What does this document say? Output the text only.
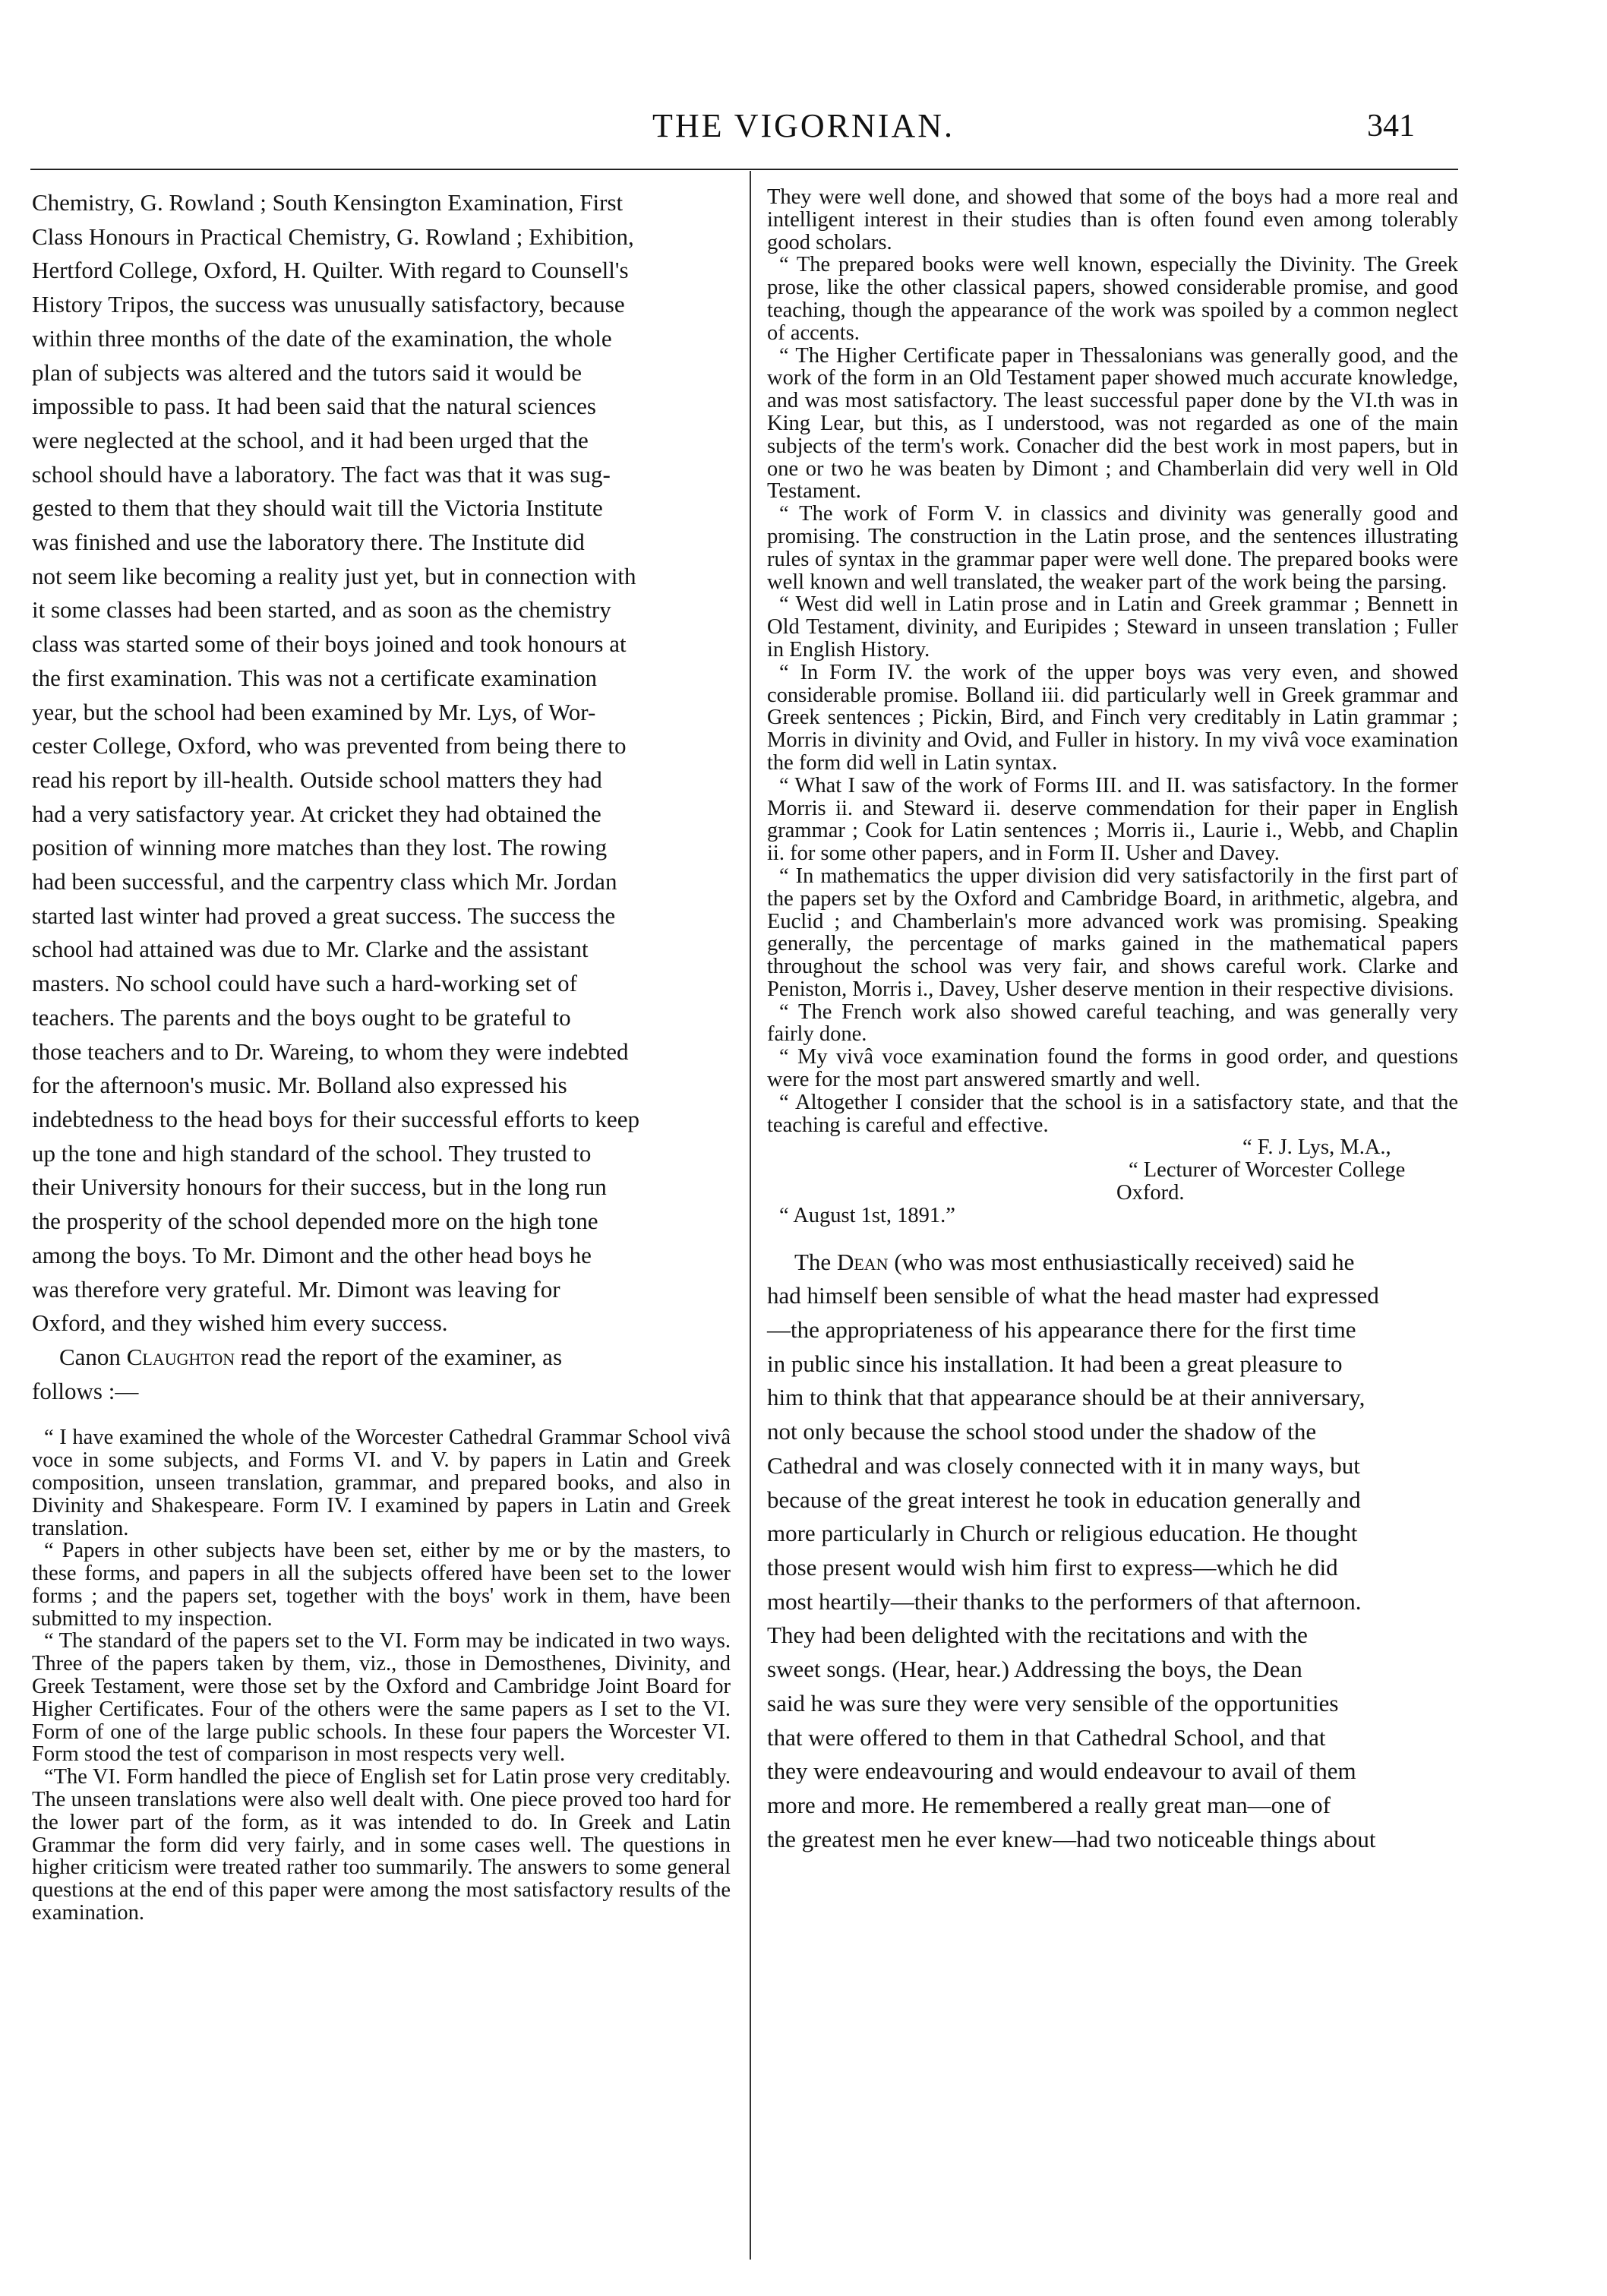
THE VIGORNIAN.	341

Chemistry, G. Rowland ; South Kensington Examination, First

Class Honours in Practical Chemistry, G. Rowland ; Exhibition,

Hertford College, Oxford, H. Quilter. With regard to Counsell's

History Tripos, the success was unusually satisfactory, because

within three months of the date of the examination, the whole

plan of subjects was altered and the tutors said it would be

impossible to pass. It had been said that the natural sciences

were neglected at the school, and it had been urged that the

school should have a laboratory. The fact was that it was sug-

gested to them that they should wait till the Victoria Institute

was finished and use the laboratory there. The Institute did

not seem like becoming a reality just yet, but in connection with

it some classes had been started, and as soon as the chemistry

class was started some of their boys joined and took honours at

the first examination. This was not a certificate examination

year, but the school had been examined by Mr. Lys, of Wor-

cester College, Oxford, who was prevented from being there to

read his report by ill-health. Outside school matters they had

had a very satisfactory year. At cricket they had obtained the

position of winning more matches than they lost. The rowing

had been successful, and the carpentry class which Mr. Jordan

started last winter had proved a great success. The success the

school had attained was due to Mr. Clarke and the assistant

masters. No school could have such a hard-working set of

teachers. The parents and the boys ought to be grateful to

those teachers and to Dr. Wareing, to whom they were indebted

for the afternoon's music. Mr. Bolland also expressed his

indebtedness to the head boys for their successful efforts to keep

up the tone and high standard of the school. They trusted to

their University honours for their success, but in the long run

the prosperity of the school depended more on the high tone

among the boys. To Mr. Dimont and the other head boys he

was therefore very grateful. Mr. Dimont was leaving for

Oxford, and they wished him every success.

Canon Claughton read the report of the examiner, as

follows :—

“ I have examined the whole of the Worcester Cathedral Grammar School vivâ voce in some subjects, and Forms VI. and V. by papers in Latin and Greek composition, unseen translation, grammar, and prepared books, and also in Divinity and Shakespeare. Form IV. I examined by papers in Latin and Greek translation.

“ Papers in other subjects have been set, either by me or by the masters, to these forms, and papers in all the subjects offered have been set to the lower forms ; and the papers set, together with the boys' work in them, have been submitted to my inspection.

“ The standard of the papers set to the VI. Form may be indicated in two ways. Three of the papers taken by them, viz., those in Demosthenes, Divinity, and Greek Testament, were those set by the Oxford and Cambridge Joint Board for Higher Certificates. Four of the others were the same papers as I set to the VI. Form of one of the large public schools. In these four papers the Worcester VI. Form stood the test of comparison in most respects very well.

“The VI. Form handled the piece of English set for Latin prose very creditably. The unseen translations were also well dealt with. One piece proved too hard for the lower part of the form, as it was intended to do. In Greek and Latin Grammar the form did very fairly, and in some cases well. The questions in higher criticism were treated rather too summarily. The answers to some general questions at the end of this paper were among the most satisfactory results of the examination.

They were well done, and showed that some of the boys had a more real and intelligent interest in their studies than is often found even among tolerably good scholars.

“ The prepared books were well known, especially the Divinity. The Greek prose, like the other classical papers, showed considerable promise, and good teaching, though the appearance of the work was spoiled by a common neglect of accents.

“ The Higher Certificate paper in Thessalonians was generally good, and the work of the form in an Old Testament paper showed much accurate knowledge, and was most satisfactory. The least successful paper done by the VI.th was in King Lear, but this, as I understood, was not regarded as one of the main subjects of the term's work. Conacher did the best work in most papers, but in one or two he was beaten by Dimont ; and Chamberlain did very well in Old Testament.

“ The work of Form V. in classics and divinity was generally good and promising. The construction in the Latin prose, and the sentences illustrating rules of syntax in the grammar paper were well done. The prepared books were well known and well translated, the weaker part of the work being the parsing.

“ West did well in Latin prose and in Latin and Greek grammar ; Bennett in Old Testament, divinity, and Euripides ; Steward in unseen translation ; Fuller in English History.

“ In Form IV. the work of the upper boys was very even, and showed considerable promise. Bolland iii. did particularly well in Greek grammar and Greek sentences ; Pickin, Bird, and Finch very creditably in Latin grammar ; Morris in divinity and Ovid, and Fuller in history. In my vivâ voce examination the form did well in Latin syntax.

“ What I saw of the work of Forms III. and II. was satisfactory. In the former Morris ii. and Steward ii. deserve commendation for their paper in English grammar ; Cook for Latin sentences ; Morris ii., Laurie i., Webb, and Chaplin ii. for some other papers, and in Form II. Usher and Davey.

“ In mathematics the upper division did very satisfactorily in the first part of the papers set by the Oxford and Cambridge Board, in arithmetic, algebra, and Euclid ; and Chamberlain's more advanced work was promising. Speaking generally, the percentage of marks gained in the mathematical papers throughout the school was very fair, and shows careful work. Clarke and Peniston, Morris i., Davey, Usher deserve mention in their respective divisions.

“ The French work also showed careful teaching, and was generally very fairly done.

“ My vivâ voce examination found the forms in good order, and questions were for the most part answered smartly and well.

“ Altogether I consider that the school is in a satisfactory state, and that the teaching is careful and effective.

“ F. J. Lys, M.A.,

“ Lecturer of Worcester College Oxford.

“ August 1st, 1891.”

The Dean (who was most enthusiastically received) said he

had himself been sensible of what the head master had expressed

—the appropriateness of his appearance there for the first time

in public since his installation. It had been a great pleasure to

him to think that that appearance should be at their anniversary,

not only because the school stood under the shadow of the

Cathedral and was closely connected with it in many ways, but

because of the great interest he took in education generally and

more particularly in Church or religious education. He thought

those present would wish him first to express—which he did

most heartily—their thanks to the performers of that afternoon.

They had been delighted with the recitations and with the

sweet songs. (Hear, hear.) Addressing the boys, the Dean

said he was sure they were very sensible of the opportunities

that were offered to them in that Cathedral School, and that

they were endeavouring and would endeavour to avail of them

more and more. He remembered a really great man—one of

the greatest men he ever knew—had two noticeable things about
